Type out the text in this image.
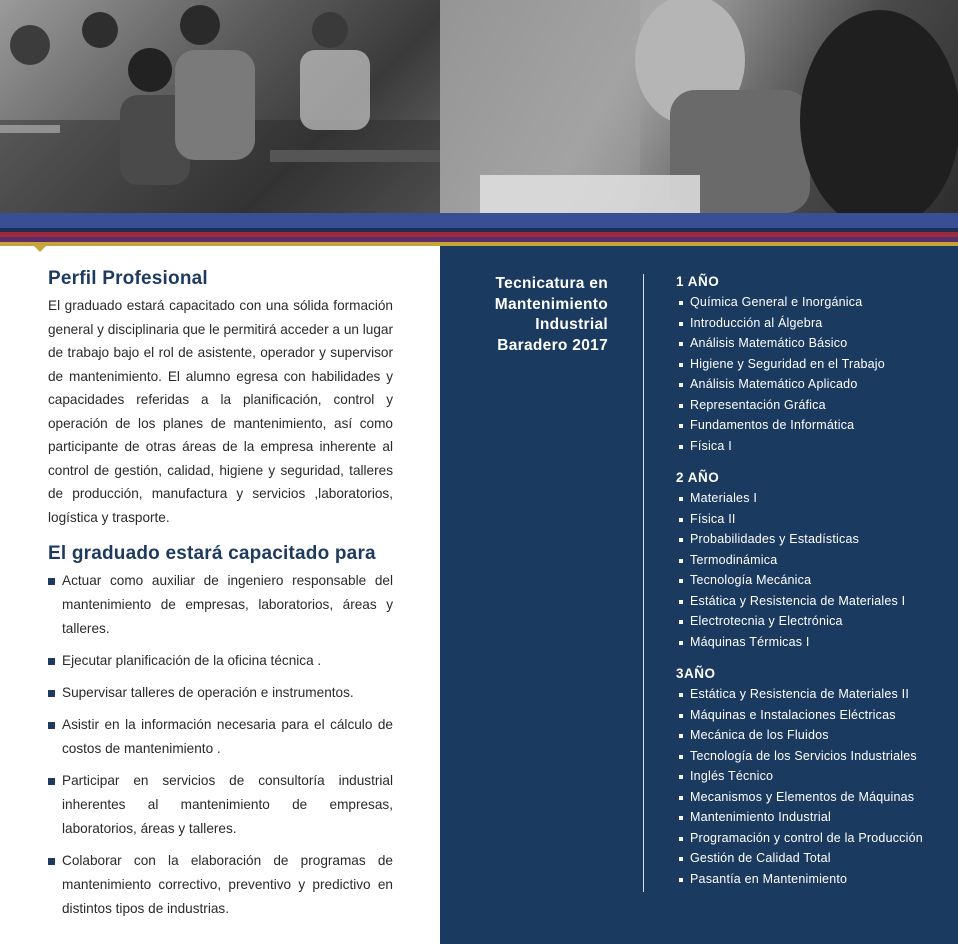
Perfil Profesional

El graduado estará capacitado con una sólida formación general y disciplinaria que le permitirá acceder a un lugar de trabajo bajo el rol de asistente, operador y supervisor de mantenimiento. El alumno egresa con habilidades y capacidades referidas a la planificación, control y operación de los planes de mantenimiento, así como participante de otras áreas de la empresa inherente al control de gestión, calidad, higiene y seguridad, talleres de producción, manufactura y servicios ,laboratorios, logística y trasporte.

El graduado estará capacitado para
Actuar como auxiliar de ingeniero responsable del mantenimiento de empresas, laboratorios, áreas y talleres.
Ejecutar planificación de la oficina técnica .
Supervisar talleres de operación e instrumentos.
Asistir en la información necesaria para el cálculo de costos de mantenimiento .
Participar en servicios de consultoría industrial inherentes al mantenimiento de empresas, laboratorios, áreas y talleres.
Colaborar con la elaboración de programas de mantenimiento correctivo, preventivo y predictivo en distintos tipos de industrias.
Tecnicatura en
Mantenimiento
Industrial
Baradero 2017
1 AÑO
Química General e Inorgánica
Introducción al Álgebra
Análisis Matemático Básico
Higiene y Seguridad en el Trabajo
Análisis Matemático Aplicado
Representación Gráfica
Fundamentos de Informática
Física I
2 AÑO
Materiales I
Física II
Probabilidades y Estadísticas
Termodinámica
Tecnología Mecánica
Estática y Resistencia de Materiales I
Electrotecnia y Electrónica
Máquinas Térmicas I
3AÑO
Estática y Resistencia de Materiales II
Máquinas e Instalaciones Eléctricas
Mecánica de los Fluidos
Tecnología de los Servicios Industriales
Inglés Técnico
Mecanismos y Elementos de Máquinas
Mantenimiento Industrial
Programación y control de la Producción
Gestión de Calidad Total
Pasantía en Mantenimiento
